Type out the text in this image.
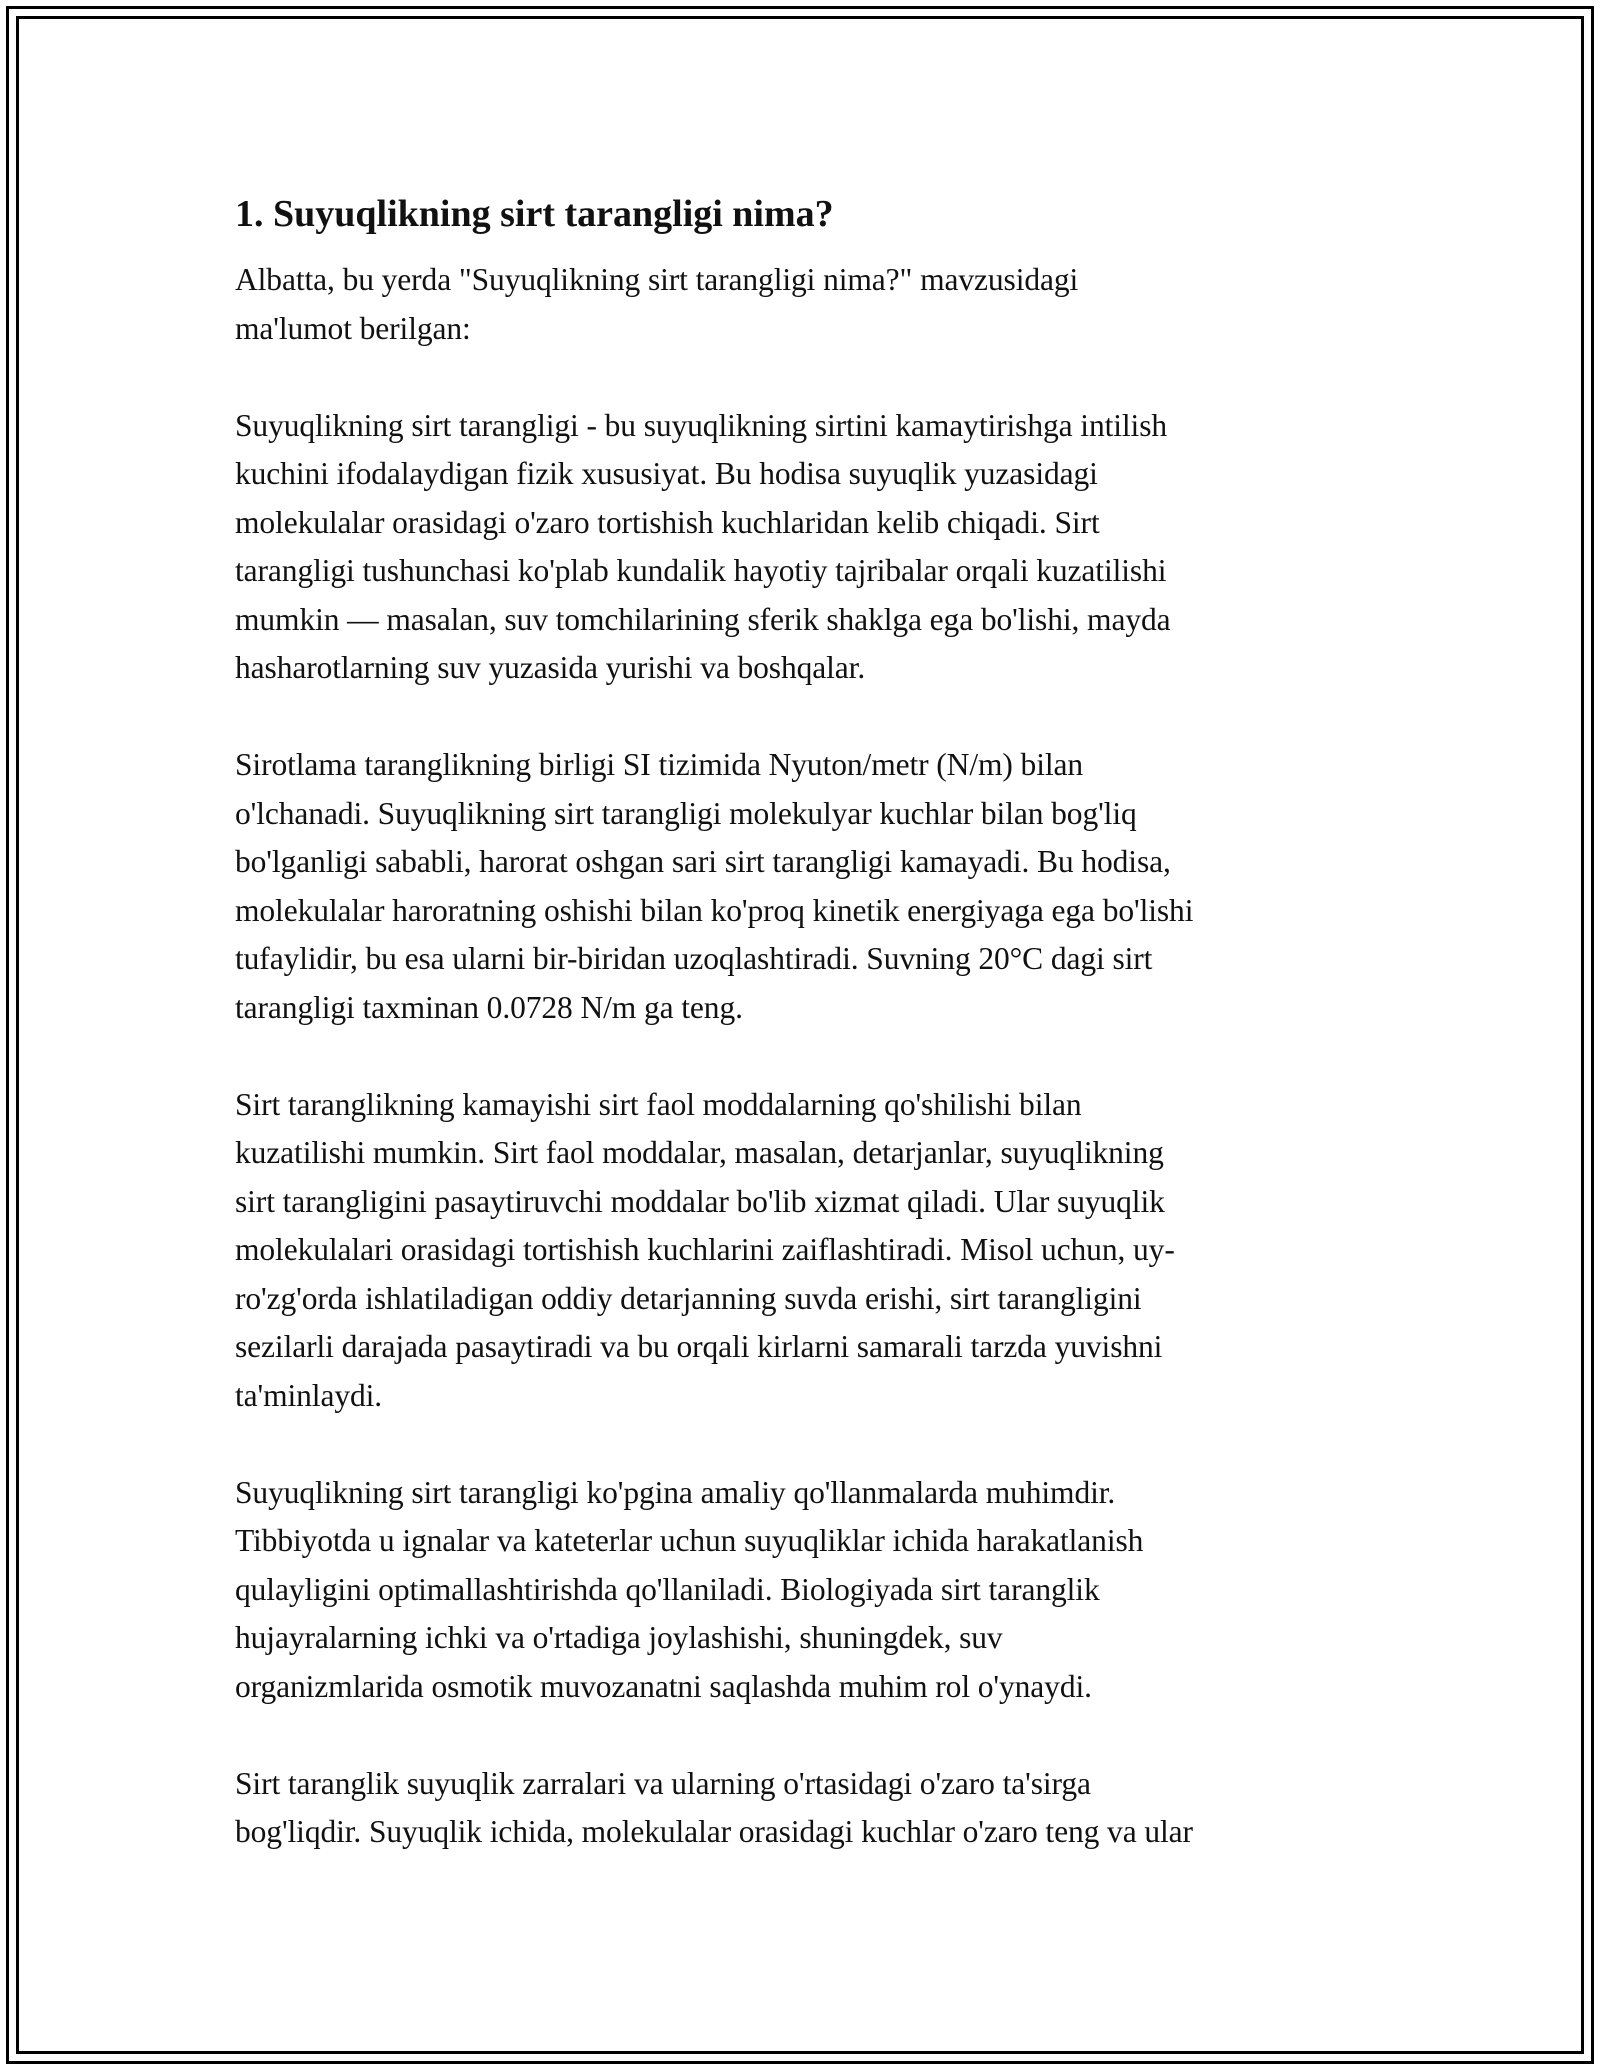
1. Suyuqlikning sirt tarangligi nima?
Albatta, bu yerda "Suyuqlikning sirt tarangligi nima?" mavzusidagi
ma'lumot berilgan:
Suyuqlikning sirt tarangligi - bu suyuqlikning sirtini kamaytirishga intilish
kuchini ifodalaydigan fizik xususiyat. Bu hodisa suyuqlik yuzasidagi
molekulalar orasidagi o'zaro tortishish kuchlaridan kelib chiqadi. Sirt
tarangligi tushunchasi ko'plab kundalik hayotiy tajribalar orqali kuzatilishi
mumkin — masalan, suv tomchilarining sferik shaklga ega bo'lishi, mayda
hasharotlarning suv yuzasida yurishi va boshqalar.
Sirotlama taranglikning birligi SI tizimida Nyuton/metr (N/m) bilan
o'lchanadi. Suyuqlikning sirt tarangligi molekulyar kuchlar bilan bog'liq
bo'lganligi sababli, harorat oshgan sari sirt tarangligi kamayadi. Bu hodisa,
molekulalar haroratning oshishi bilan ko'proq kinetik energiyaga ega bo'lishi
tufaylidir, bu esa ularni bir-biridan uzoqlashtiradi. Suvning 20°C dagi sirt
tarangligi taxminan 0.0728 N/m ga teng.
Sirt taranglikning kamayishi sirt faol moddalarning qo'shilishi bilan
kuzatilishi mumkin. Sirt faol moddalar, masalan, detarjanlar, suyuqlikning
sirt tarangligini pasaytiruvchi moddalar bo'lib xizmat qiladi. Ular suyuqlik
molekulalari orasidagi tortishish kuchlarini zaiflashtiradi. Misol uchun, uy-
ro'zg'orda ishlatiladigan oddiy detarjanning suvda erishi, sirt tarangligini
sezilarli darajada pasaytiradi va bu orqali kirlarni samarali tarzda yuvishni
ta'minlaydi.
Suyuqlikning sirt tarangligi ko'pgina amaliy qo'llanmalarda muhimdir.
Tibbiyotda u ignalar va kateterlar uchun suyuqliklar ichida harakatlanish
qulayligini optimallashtirishda qo'llaniladi. Biologiyada sirt taranglik
hujayralarning ichki va o'rtadiga joylashishi, shuningdek, suv
organizmlarida osmotik muvozanatni saqlashda muhim rol o'ynaydi.
Sirt taranglik suyuqlik zarralari va ularning o'rtasidagi o'zaro ta'sirga
bog'liqdir. Suyuqlik ichida, molekulalar orasidagi kuchlar o'zaro teng va ular
